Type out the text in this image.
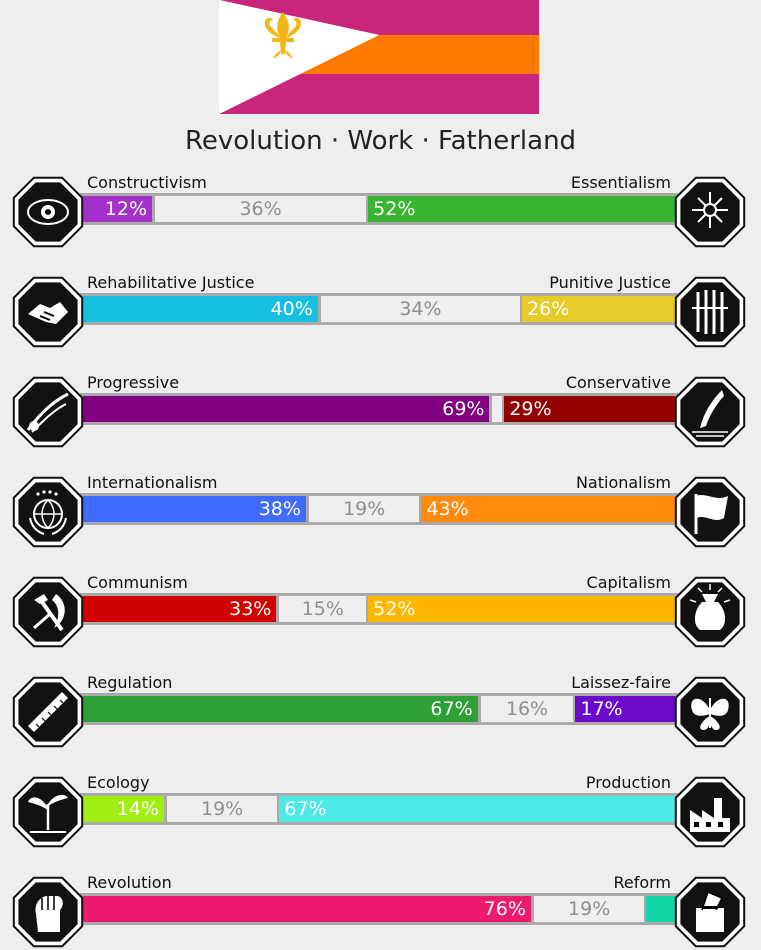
Revolution · Work · Fatherland
Constructivism	Essentialism
12%	36%	52%
Rehabilitative Justice	Punitive Justice
40%	34%	26%
Progressive	Conservative
69% 29%
Internationalism	Nationalism
38%	19%	43%
Communism	Capitalism
33%	15%	52%
Regulation	Laissez-faire
67%	16%	17%
Ecology	Production
14%	19%	67%
Revolution	Reform
76%	19%
